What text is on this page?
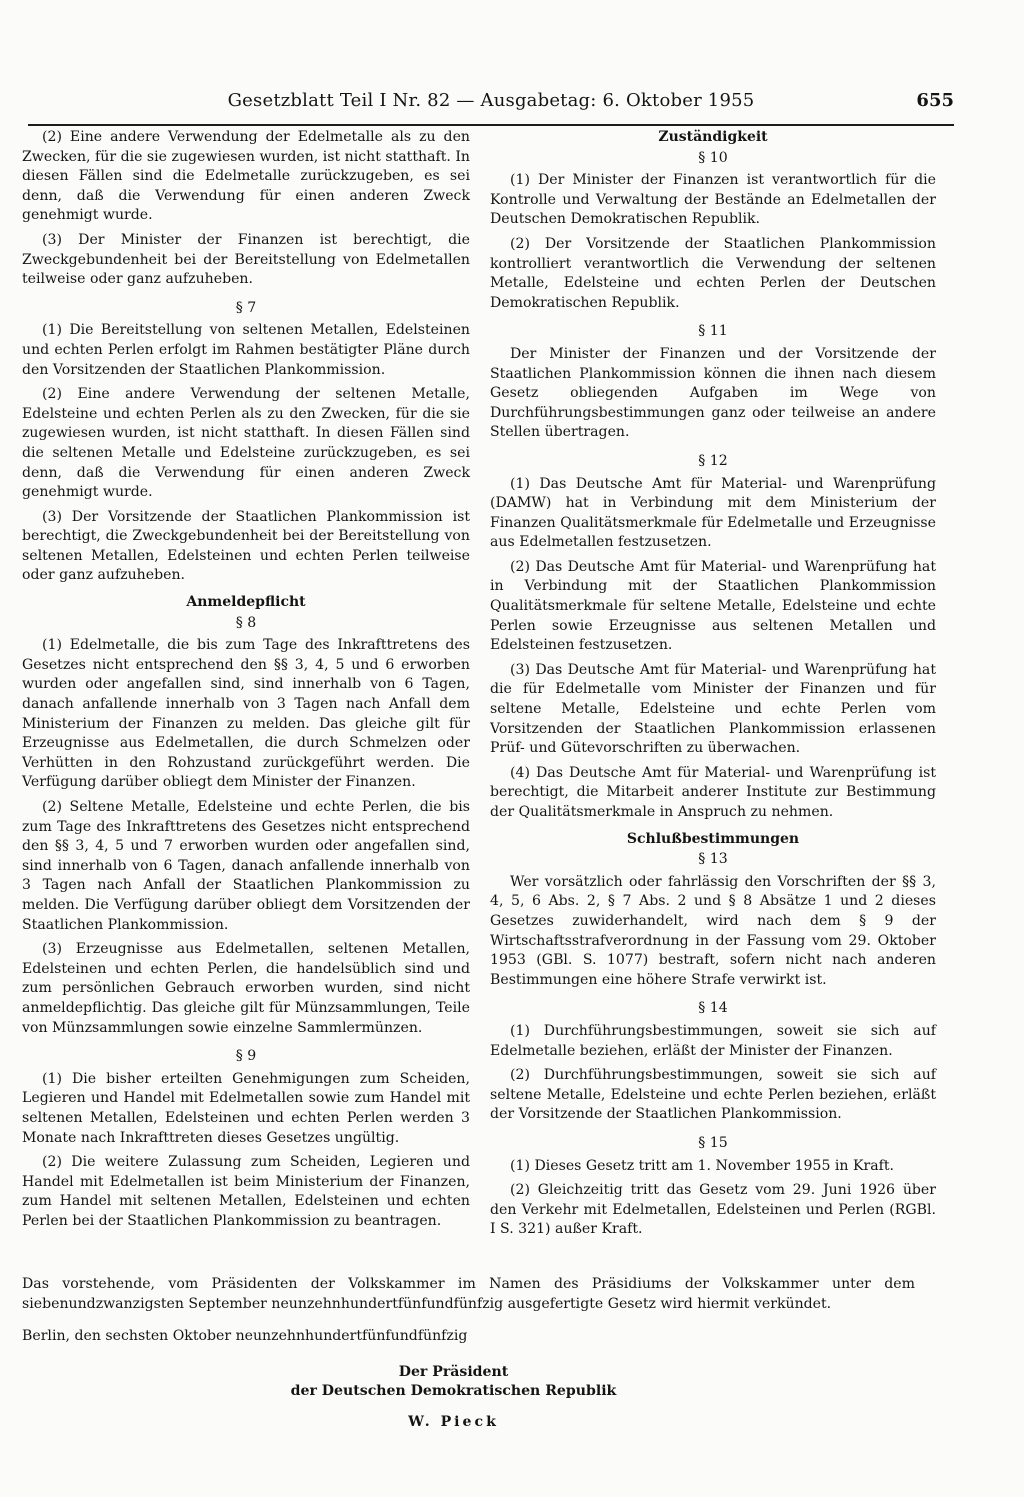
Gesetzblatt Teil I Nr. 82 — Ausgabetag: 6. Oktober 1955	655

(2) Eine andere Verwendung der Edelmetalle als zu den Zwecken, für die sie zugewiesen wurden, ist nicht statthaft. In diesen Fällen sind die Edelmetalle zurückzugeben, es sei denn, daß die Verwendung für einen anderen Zweck genehmigt wurde.

(3) Der Minister der Finanzen ist berechtigt, die Zweckgebundenheit bei der Bereitstellung von Edelmetallen teilweise oder ganz aufzuheben.

§ 7

(1) Die Bereitstellung von seltenen Metallen, Edelsteinen und echten Perlen erfolgt im Rahmen bestätigter Pläne durch den Vorsitzenden der Staatlichen Plankommission.

(2) Eine andere Verwendung der seltenen Metalle, Edelsteine und echten Perlen als zu den Zwecken, für die sie zugewiesen wurden, ist nicht statthaft. In diesen Fällen sind die seltenen Metalle und Edelsteine zurückzugeben, es sei denn, daß die Verwendung für einen anderen Zweck genehmigt wurde.

(3) Der Vorsitzende der Staatlichen Plankommission ist berechtigt, die Zweckgebundenheit bei der Bereitstellung von seltenen Metallen, Edelsteinen und echten Perlen teilweise oder ganz aufzuheben.

Anmeldepflicht
§ 8

(1) Edelmetalle, die bis zum Tage des Inkrafttretens des Gesetzes nicht entsprechend den §§ 3, 4, 5 und 6 erworben wurden oder angefallen sind, sind innerhalb von 6 Tagen, danach anfallende innerhalb von 3 Tagen nach Anfall dem Ministerium der Finanzen zu melden. Das gleiche gilt für Erzeugnisse aus Edelmetallen, die durch Schmelzen oder Verhütten in den Rohzustand zurückgeführt werden. Die Verfügung darüber obliegt dem Minister der Finanzen.

(2) Seltene Metalle, Edelsteine und echte Perlen, die bis zum Tage des Inkrafttretens des Gesetzes nicht entsprechend den §§ 3, 4, 5 und 7 erworben wurden oder angefallen sind, sind innerhalb von 6 Tagen, danach anfallende innerhalb von 3 Tagen nach Anfall der Staatlichen Plankommission zu melden. Die Verfügung darüber obliegt dem Vorsitzenden der Staatlichen Plankommission.

(3) Erzeugnisse aus Edelmetallen, seltenen Metallen, Edelsteinen und echten Perlen, die handelsüblich sind und zum persönlichen Gebrauch erworben wurden, sind nicht anmeldepflichtig. Das gleiche gilt für Münzsammlungen, Teile von Münzsammlungen sowie einzelne Sammlermünzen.

§ 9

(1) Die bisher erteilten Genehmigungen zum Scheiden, Legieren und Handel mit Edelmetallen sowie zum Handel mit seltenen Metallen, Edelsteinen und echten Perlen werden 3 Monate nach Inkrafttreten dieses Gesetzes ungültig.

(2) Die weitere Zulassung zum Scheiden, Legieren und Handel mit Edelmetallen ist beim Ministerium der Finanzen, zum Handel mit seltenen Metallen, Edelsteinen und echten Perlen bei der Staatlichen Plankommission zu beantragen.

Zuständigkeit
§ 10

(1) Der Minister der Finanzen ist verantwortlich für die Kontrolle und Verwaltung der Bestände an Edelmetallen der Deutschen Demokratischen Republik.

(2) Der Vorsitzende der Staatlichen Plankommission kontrolliert verantwortlich die Verwendung der seltenen Metalle, Edelsteine und echten Perlen der Deutschen Demokratischen Republik.

§ 11

Der Minister der Finanzen und der Vorsitzende der Staatlichen Plankommission können die ihnen nach diesem Gesetz obliegenden Aufgaben im Wege von Durchführungsbestimmungen ganz oder teilweise an andere Stellen übertragen.

§ 12

(1) Das Deutsche Amt für Material- und Warenprüfung (DAMW) hat in Verbindung mit dem Ministerium der Finanzen Qualitätsmerkmale für Edelmetalle und Erzeugnisse aus Edelmetallen festzusetzen.

(2) Das Deutsche Amt für Material- und Warenprüfung hat in Verbindung mit der Staatlichen Plankommission Qualitätsmerkmale für seltene Metalle, Edelsteine und echte Perlen sowie Erzeugnisse aus seltenen Metallen und Edelsteinen festzusetzen.

(3) Das Deutsche Amt für Material- und Warenprüfung hat die für Edelmetalle vom Minister der Finanzen und für seltene Metalle, Edelsteine und echte Perlen vom Vorsitzenden der Staatlichen Plankommission erlassenen Prüf- und Gütevorschriften zu überwachen.

(4) Das Deutsche Amt für Material- und Warenprüfung ist berechtigt, die Mitarbeit anderer Institute zur Bestimmung der Qualitätsmerkmale in Anspruch zu nehmen.

Schlußbestimmungen
§ 13

Wer vorsätzlich oder fahrlässig den Vorschriften der §§ 3, 4, 5, 6 Abs. 2, § 7 Abs. 2 und § 8 Absätze 1 und 2 dieses Gesetzes zuwiderhandelt, wird nach dem § 9 der Wirtschaftsstrafverordnung in der Fassung vom 29. Oktober 1953 (GBl. S. 1077) bestraft, sofern nicht nach anderen Bestimmungen eine höhere Strafe verwirkt ist.

§ 14

(1) Durchführungsbestimmungen, soweit sie sich auf Edelmetalle beziehen, erläßt der Minister der Finanzen.

(2) Durchführungsbestimmungen, soweit sie sich auf seltene Metalle, Edelsteine und echte Perlen beziehen, erläßt der Vorsitzende der Staatlichen Plankommission.

§ 15

(1) Dieses Gesetz tritt am 1. November 1955 in Kraft.

(2) Gleichzeitig tritt das Gesetz vom 29. Juni 1926 über den Verkehr mit Edelmetallen, Edelsteinen und Perlen (RGBl. I S. 321) außer Kraft.

Das vorstehende, vom Präsidenten der Volkskammer im Namen des Präsidiums der Volkskammer unter dem siebenundzwanzigsten September neunzehnhundertfünfundfünfzig ausgefertigte Gesetz wird hiermit verkündet.

Berlin, den sechsten Oktober neunzehnhundertfünfundfünfzig

Der Präsident
der Deutschen Demokratischen Republik
W. Pieck
